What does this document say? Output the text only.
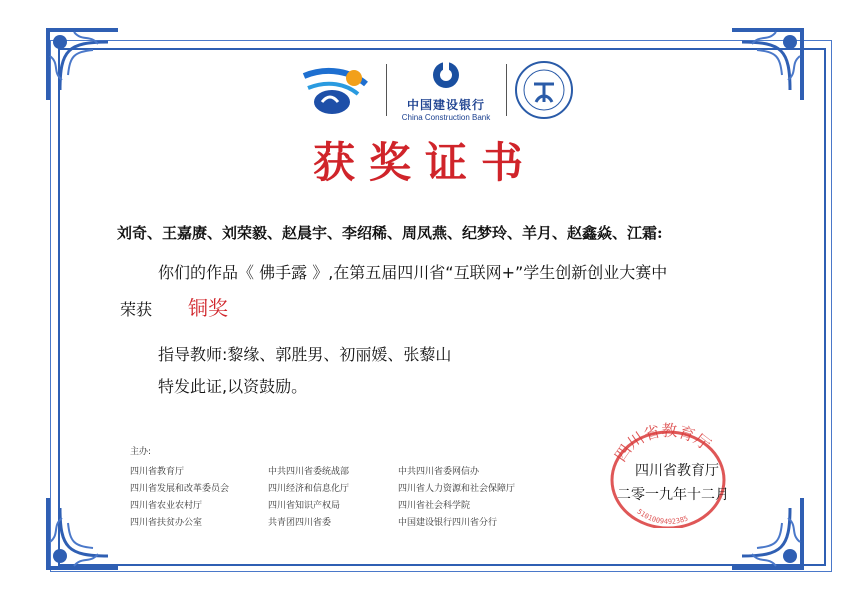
中国建设银行
China Construction Bank
获奖证书
刘奇、王嘉赓、刘荣毅、赵晨宇、李绍稀、周凤燕、纪梦玲、羊月、赵鑫焱、江霜:
你们的作品《 佛手露 》,在第五届四川省“互联网+”学生创新创业大赛中
荣获 铜奖
指导教师:黎缘、郭胜男、初丽媛、张藜山
特发此证,以资鼓励。
主办:
四川省教育厅	中共四川省委统战部	中共四川省委网信办
四川省发展和改革委员会	四川经济和信息化厅	四川省人力资源和社会保障厅
四川省农业农村厅	四川省知识产权局	四川省社会科学院
四川省扶贫办公室	共青团四川省委	中国建设银行四川省分行
四川省教育厅
5101009492385
四川省教育厅
二零一九年十二月
